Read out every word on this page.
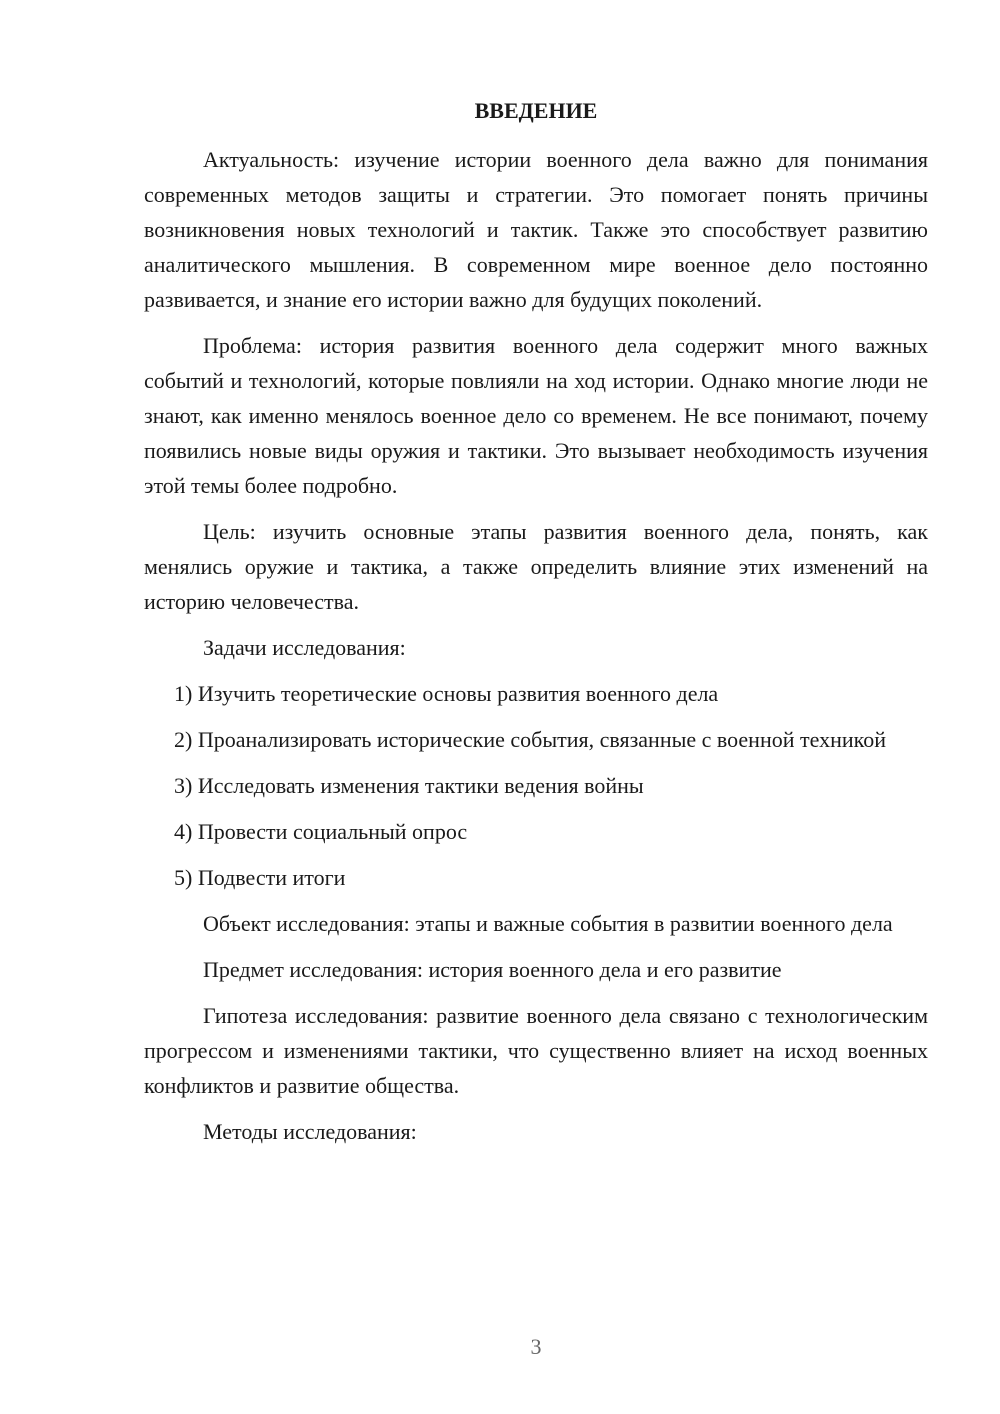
ВВЕДЕНИЕ

Актуальность: изучение истории военного дела важно для понимания современных методов защиты и стратегии. Это помогает понять причины возникновения новых технологий и тактик. Также это способствует развитию аналитического мышления. В современном мире военное дело постоянно развивается, и знание его истории важно для будущих поколений.

Проблема: история развития военного дела содержит много важных событий и технологий, которые повлияли на ход истории. Однако многие люди не знают, как именно менялось военное дело со временем. Не все понимают, почему появились новые виды оружия и тактики. Это вызывает необходимость изучения этой темы более подробно.

Цель: изучить основные этапы развития военного дела, понять, как менялись оружие и тактика, а также определить влияние этих изменений на историю человечества.

Задачи исследования:

1) Изучить теоретические основы развития военного дела

2) Проанализировать исторические события, связанные с военной техникой

3) Исследовать изменения тактики ведения войны

4) Провести социальный опрос

5) Подвести итоги

Объект исследования: этапы и важные события в развитии военного дела

Предмет исследования: история военного дела и его развитие

Гипотеза исследования: развитие военного дела связано с технологическим прогрессом и изменениями тактики, что существенно влияет на исход военных конфликтов и развитие общества.

Методы исследования:

3
